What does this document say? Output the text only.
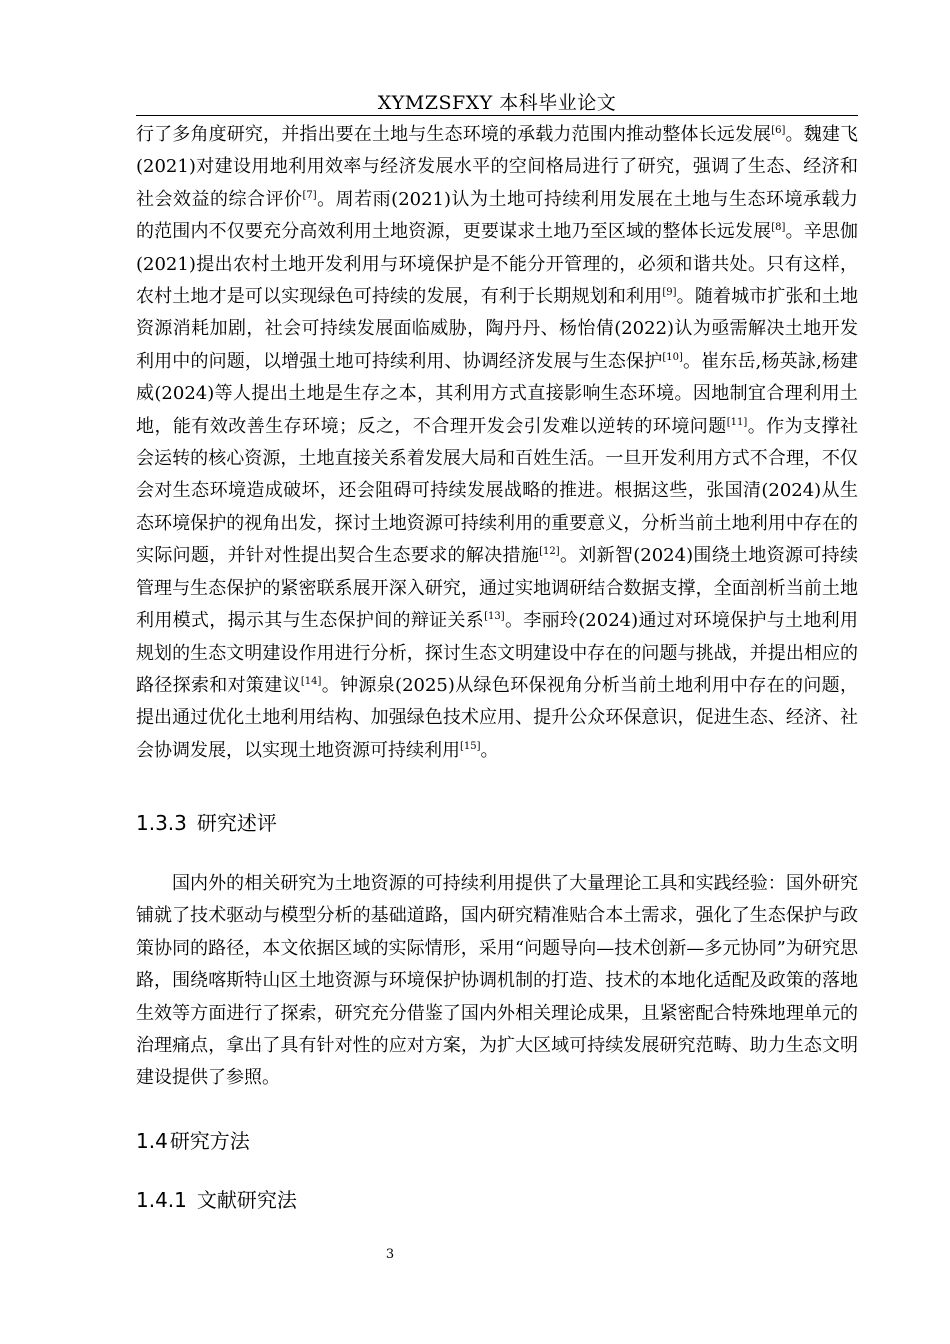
XYMZSFXY 本科毕业论文

行了多角度研究，并指出要在土地与生态环境的承载力范围内推动整体长远发展[6]。魏建飞(2021)对建设用地利用效率与经济发展水平的空间格局进行了研究，强调了生态、经济和社会效益的综合评价[7]。周若雨(2021)认为土地可持续利用发展在土地与生态环境承载力的范围内不仅要充分高效利用土地资源，更要谋求土地乃至区域的整体长远发展[8]。辛思伽(2021)提出农村土地开发利用与环境保护是不能分开管理的，必须和谐共处。只有这样，农村土地才是可以实现绿色可持续的发展，有利于长期规划和利用[9]。随着城市扩张和土地资源消耗加剧，社会可持续发展面临威胁，陶丹丹、杨怡倩(2022)认为亟需解决土地开发利用中的问题，以增强土地可持续利用、协调经济发展与生态保护[10]。崔东岳,杨英詠,杨建威(2024)等人提出土地是生存之本，其利用方式直接影响生态环境。因地制宜合理利用土地，能有效改善生存环境；反之，不合理开发会引发难以逆转的环境问题[11]。作为支撑社会运转的核心资源，土地直接关系着发展大局和百姓生活。一旦开发利用方式不合理，不仅会对生态环境造成破坏，还会阻碍可持续发展战略的推进。根据这些，张国清(2024)从生态环境保护的视角出发，探讨土地资源可持续利用的重要意义，分析当前土地利用中存在的实际问题，并针对性提出契合生态要求的解决措施[12]。刘新智(2024)围绕土地资源可持续管理与生态保护的紧密联系展开深入研究，通过实地调研结合数据支撑，全面剖析当前土地利用模式，揭示其与生态保护间的辩证关系[13]。李丽玲(2024)通过对环境保护与土地利用规划的生态文明建设作用进行分析，探讨生态文明建设中存在的问题与挑战，并提出相应的路径探索和对策建议[14]。钟源泉(2025)从绿色环保视角分析当前土地利用中存在的问题，提出通过优化土地利用结构、加强绿色技术应用、提升公众环保意识，促进生态、经济、社会协调发展，以实现土地资源可持续利用[15]。

1.3.3 研究述评

国内外的相关研究为土地资源的可持续利用提供了大量理论工具和实践经验：国外研究铺就了技术驱动与模型分析的基础道路，国内研究精准贴合本土需求，强化了生态保护与政策协同的路径，本文依据区域的实际情形，采用“问题导向—技术创新—多元协同”为研究思路，围绕喀斯特山区土地资源与环境保护协调机制的打造、技术的本地化适配及政策的落地生效等方面进行了探索，研究充分借鉴了国内外相关理论成果，且紧密配合特殊地理单元的治理痛点，拿出了具有针对性的应对方案，为扩大区域可持续发展研究范畴、助力生态文明建设提供了参照。

1.4 研究方法
1.4.1 文献研究法
3
